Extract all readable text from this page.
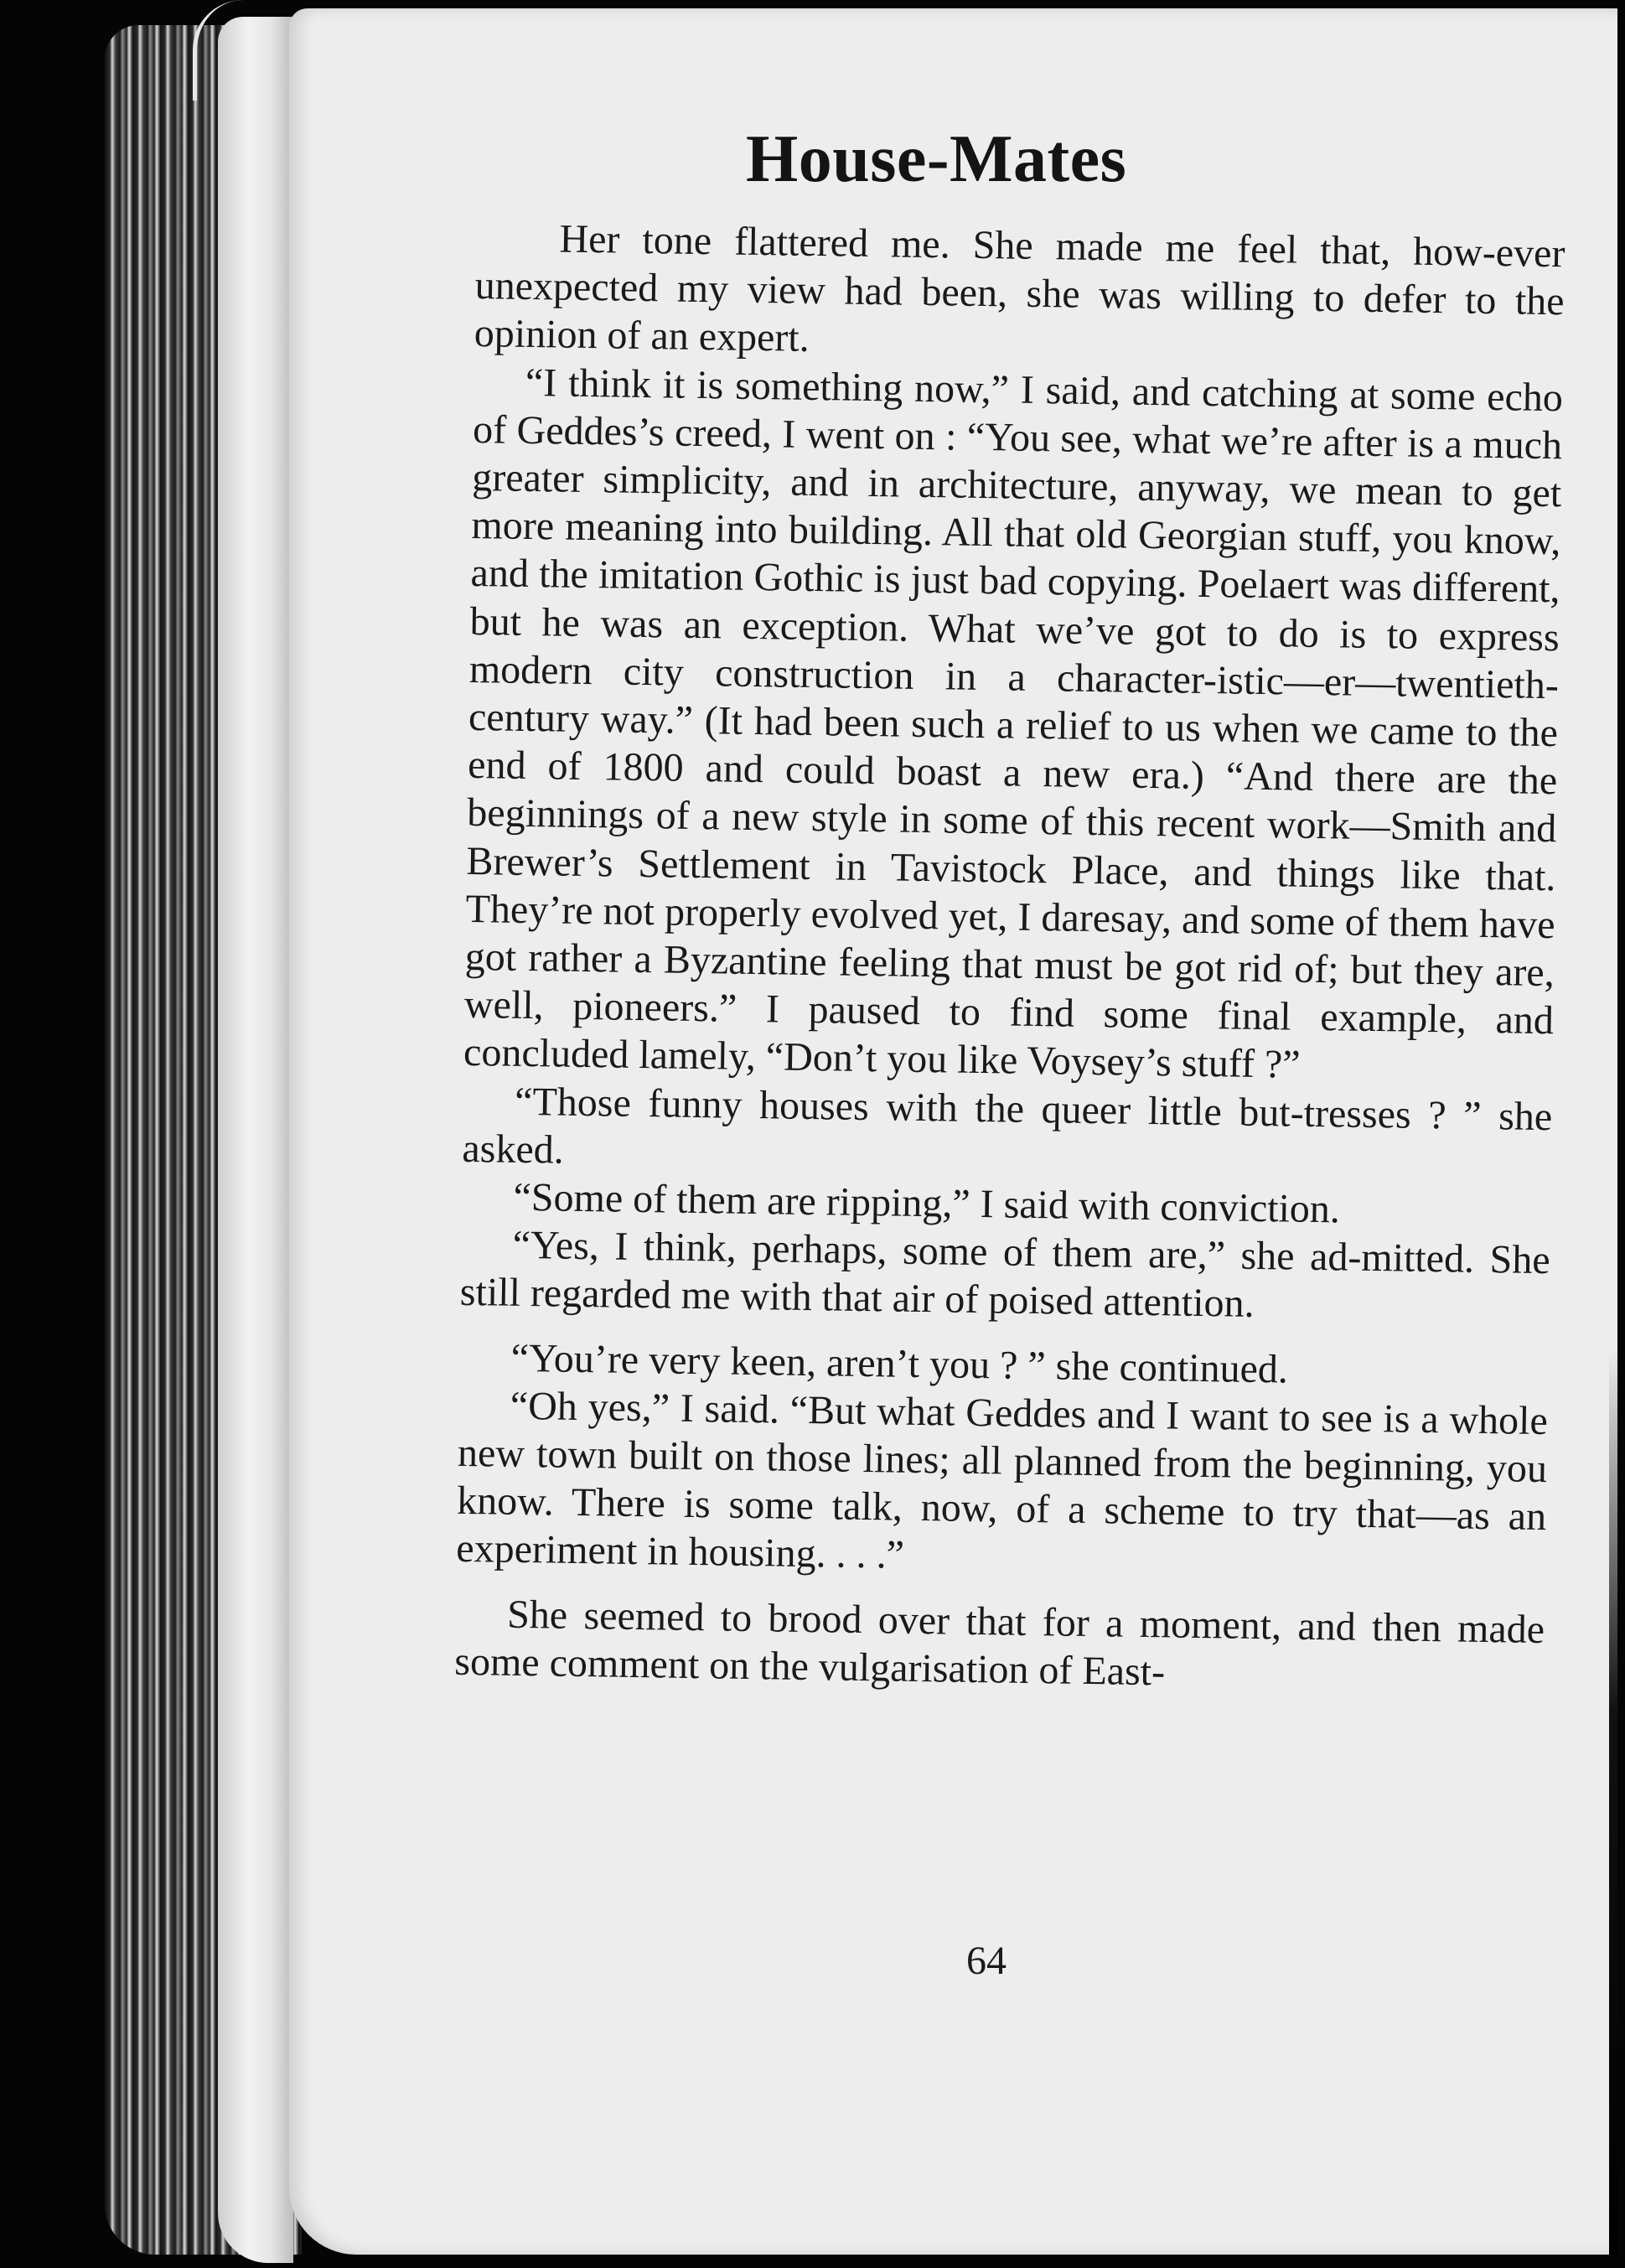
House-Mates

Her tone flattered me. She made me feel that, how-ever unexpected my view had been, she was willing to defer to the opinion of an expert.

“I think it is something now,” I said, and catching at some echo of Geddes’s creed, I went on : “You see, what we’re after is a much greater simplicity, and in architecture, anyway, we mean to get more meaning into building. All that old Georgian stuff, you know, and the imitation Gothic is just bad copying. Poelaert was different, but he was an exception. What we’ve got to do is to express modern city construction in a character-istic—er—twentieth-century way.” (It had been such a relief to us when we came to the end of 1800 and could boast a new era.) “And there are the beginnings of a new style in some of this recent work—Smith and Brewer’s Settlement in Tavistock Place, and things like that. They’re not properly evolved yet, I daresay, and some of them have got rather a Byzantine feeling that must be got rid of; but they are, well, pioneers.” I paused to find some final example, and concluded lamely, “Don’t you like Voysey’s stuff ?”

“Those funny houses with the queer little but-tresses ? ” she asked.

“Some of them are ripping,” I said with conviction.

“Yes, I think, perhaps, some of them are,” she ad-mitted. She still regarded me with that air of poised attention.

“You’re very keen, aren’t you ? ” she continued.

“Oh yes,” I said. “But what Geddes and I want to see is a whole new town built on those lines; all planned from the beginning, you know. There is some talk, now, of a scheme to try that—as an experiment in housing. . . .”

She seemed to brood over that for a moment, and then made some comment on the vulgarisation of East-

64
